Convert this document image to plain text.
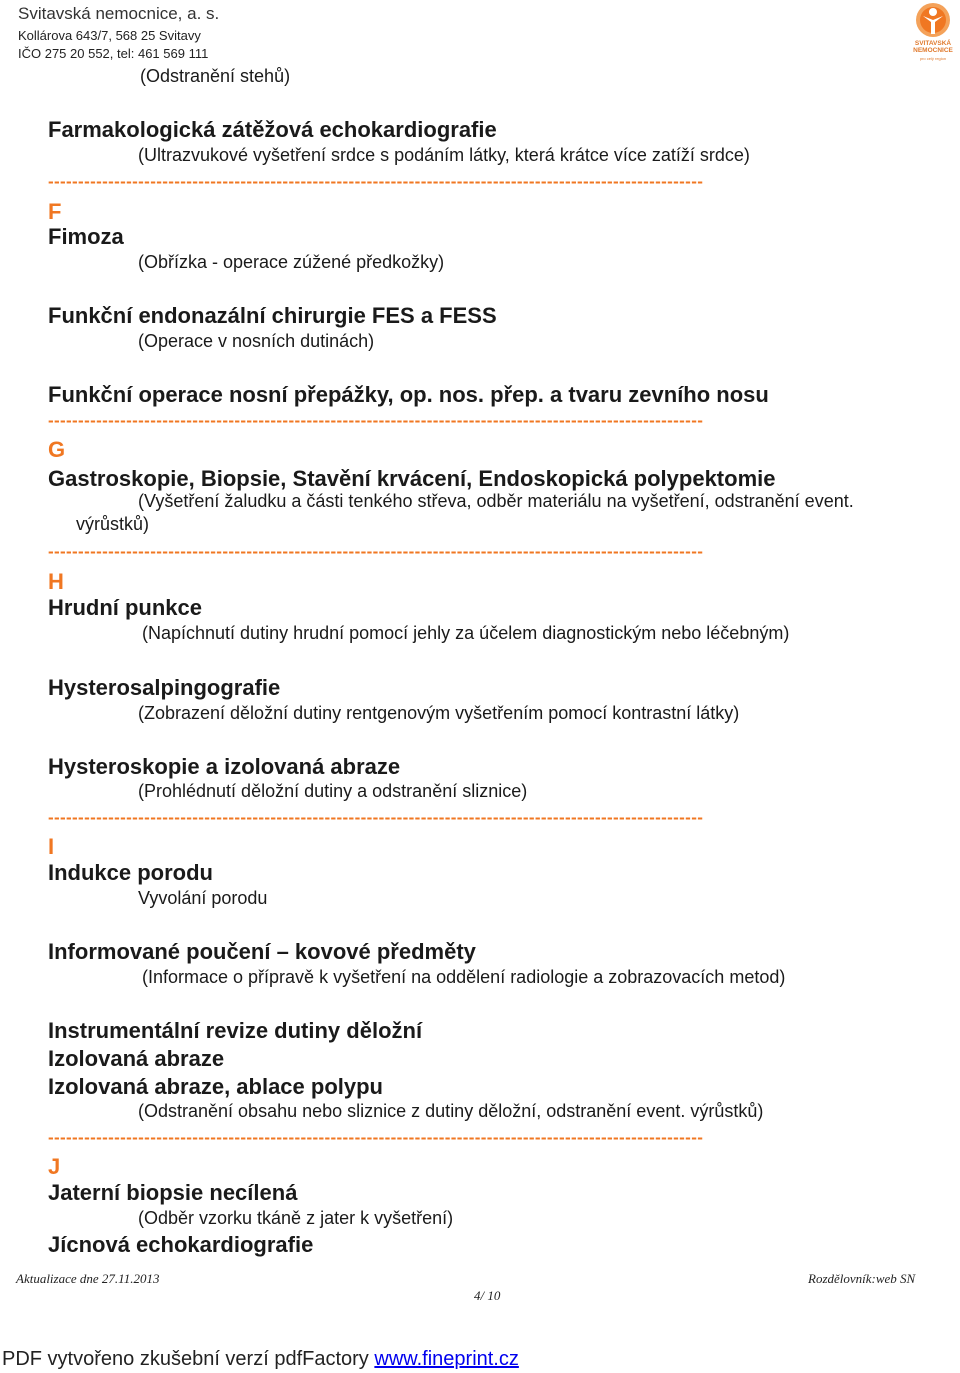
Svitavská nemocnice, a. s.
Kollárova 643/7, 568 25 Svitavy
IČO 275 20 552, tel: 461 569 111
SVITAVSKÁ
NEMOCNICE
pro celý region
(Odstranění stehů)
Farmakologická zátěžová echokardiografie
(Ultrazvukové vyšetření srdce s podáním látky, která krátce více zatíží srdce)
-------------------------------------------------------------------------------------------------------------
F
Fimoza
(Obřízka - operace zúžené předkožky)
Funkční endonazální chirurgie FES a FESS
(Operace v nosních dutinách)
Funkční operace nosní přepážky, op. nos. přep. a tvaru zevního nosu
-------------------------------------------------------------------------------------------------------------
G
Gastroskopie, Biopsie, Stavění krvácení, Endoskopická polypektomie
(Vyšetření žaludku a části tenkého střeva, odběr materiálu na vyšetření, odstranění event.
výrůstků)
-------------------------------------------------------------------------------------------------------------
H
Hrudní punkce
(Napíchnutí dutiny hrudní pomocí jehly za účelem diagnostickým nebo léčebným)
Hysterosalpingografie
(Zobrazení děložní dutiny rentgenovým vyšetřením pomocí kontrastní látky)
Hysteroskopie a izolovaná abraze
(Prohlédnutí děložní dutiny a odstranění sliznice)
-------------------------------------------------------------------------------------------------------------
I
Indukce porodu
Vyvolání porodu
Informované poučení – kovové předměty
(Informace o přípravě k vyšetření na oddělení radiologie a zobrazovacích metod)
Instrumentální revize dutiny děložní
Izolovaná abraze
Izolovaná abraze, ablace polypu
(Odstranění obsahu nebo sliznice z dutiny děložní, odstranění event. výrůstků)
-------------------------------------------------------------------------------------------------------------
J
Jaterní biopsie necílená
(Odběr vzorku tkáně z jater k vyšetření)
Jícnová echokardiografie
Aktualizace dne 27.11.2013	Rozdělovník:web SN
4/ 10
PDF vytvořeno zkušební verzí pdfFactory www.fineprint.cz
